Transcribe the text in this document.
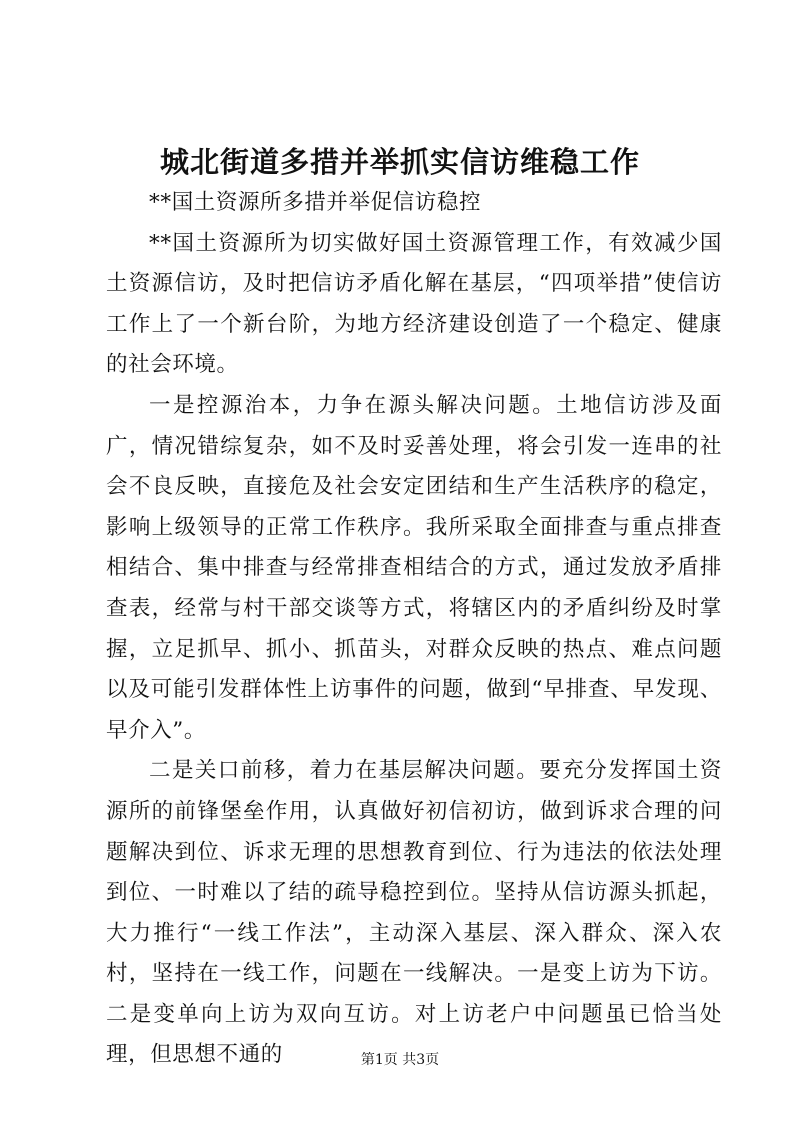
城北街道多措并举抓实信访维稳工作

**国土资源所多措并举促信访稳控

**国土资源所为切实做好国土资源管理工作，有效减少国土资源信访，及时把信访矛盾化解在基层，“四项举措”使信访工作上了一个新台阶，为地方经济建设创造了一个稳定、健康的社会环境。

一是控源治本，力争在源头解决问题。土地信访涉及面广，情况错综复杂，如不及时妥善处理，将会引发一连串的社会不良反映，直接危及社会安定团结和生产生活秩序的稳定，影响上级领导的正常工作秩序。我所采取全面排查与重点排查相结合、集中排查与经常排查相结合的方式，通过发放矛盾排查表，经常与村干部交谈等方式，将辖区内的矛盾纠纷及时掌握，立足抓早、抓小、抓苗头，对群众反映的热点、难点问题以及可能引发群体性上访事件的问题，做到“早排查、早发现、早介入”。

二是关口前移，着力在基层解决问题。要充分发挥国土资源所的前锋堡垒作用，认真做好初信初访，做到诉求合理的问题解决到位、诉求无理的思想教育到位、行为违法的依法处理到位、一时难以了结的疏导稳控到位。坚持从信访源头抓起，大力推行“一线工作法”，主动深入基层、深入群众、深入农村，坚持在一线工作，问题在一线解决。一是变上访为下访。二是变单向上访为双向互访。对上访老户中问题虽已恰当处理，但思想不通的	第1页 共3页
